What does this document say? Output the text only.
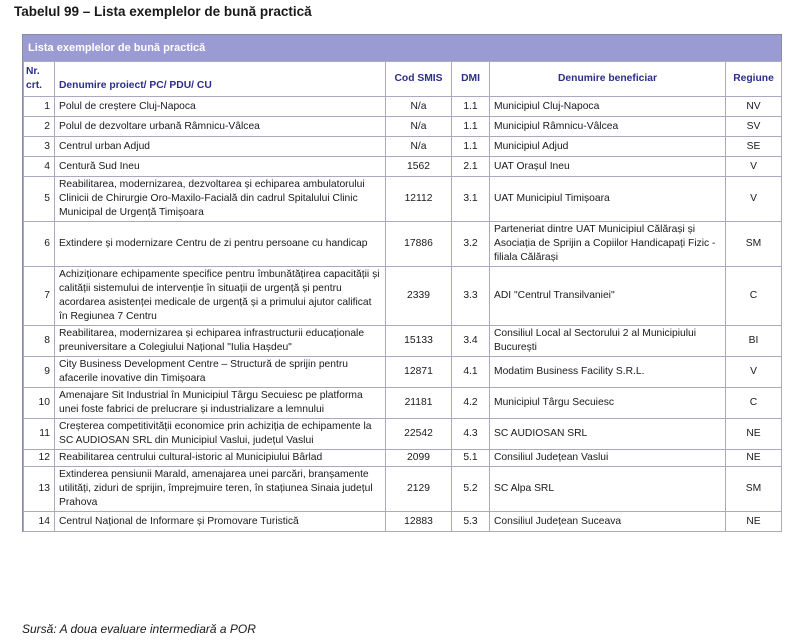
Tabelul 99 – Lista exemplelor de bună practică
Lista exemplelor de bună practică
Nr.
crt.	Denumire proiect/ PC/ PDU/ CU	Cod SMIS	DMI	Denumire beneficiar	Regiune
1	Polul de creștere Cluj-Napoca	N/a	1.1	Municipiul Cluj-Napoca	NV
2	Polul de dezvoltare urbană Râmnicu-Vâlcea	N/a	1.1	Municipiul Râmnicu-Vâlcea	SV
3	Centrul urban Adjud	N/a	1.1	Municipiul Adjud	SE
4	Centură Sud Ineu	1562	2.1	UAT Orașul Ineu	V
5	Reabilitarea, modernizarea, dezvoltarea și echiparea ambulatorului Clinicii de Chirurgie Oro-Maxilo-Facială din cadrul Spitalului Clinic Municipal de Urgență Timișoara	12112	3.1	UAT Municipiul Timișoara	V
6	Extindere și modernizare Centru de zi pentru persoane cu handicap	17886	3.2	Parteneriat dintre UAT Municipiul Călărași și Asociația de Sprijin a Copiilor Handicapați Fizic - filiala Călărași	SM
7	Achiziționare echipamente specifice pentru îmbunătățirea capacității și calității sistemului de intervenție în situații de urgență și pentru acordarea asistenței medicale de urgență și a primului ajutor calificat în Regiunea 7 Centru	2339	3.3	ADI "Centrul Transilvaniei"	C
8	Reabilitarea, modernizarea și echiparea infrastructurii educaționale preuniversitare a Colegiului Național "Iulia Hașdeu"	15133	3.4	Consiliul Local al Sectorului 2 al Municipiului București	BI
9	City Business Development Centre – Structură de sprijin pentru afacerile inovative din Timișoara	12871	4.1	Modatim Business Facility S.R.L.	V
10	Amenajare Sit Industrial în Municipiul Târgu Secuiesc pe platforma unei foste fabrici de prelucrare și industrializare a lemnului	21181	4.2	Municipiul Târgu Secuiesc	C
11	Creșterea competitivității economice prin achiziția de echipamente la SC AUDIOSAN SRL din Municipiul Vaslui, județul Vaslui	22542	4.3	SC AUDIOSAN SRL	NE
12	Reabilitarea centrului cultural-istoric al Municipiului Bârlad	2099	5.1	Consiliul Județean Vaslui	NE
13	Extinderea pensiunii Marald, amenajarea unei parcări, branșamente utilități, ziduri de sprijin, împrejmuire teren, în stațiunea Sinaia județul Prahova	2129	5.2	SC Alpa SRL	SM
14	Centrul Național de Informare și Promovare Turistică	12883	5.3	Consiliul Județean Suceava	NE
Sursă: A doua evaluare intermediară a POR
